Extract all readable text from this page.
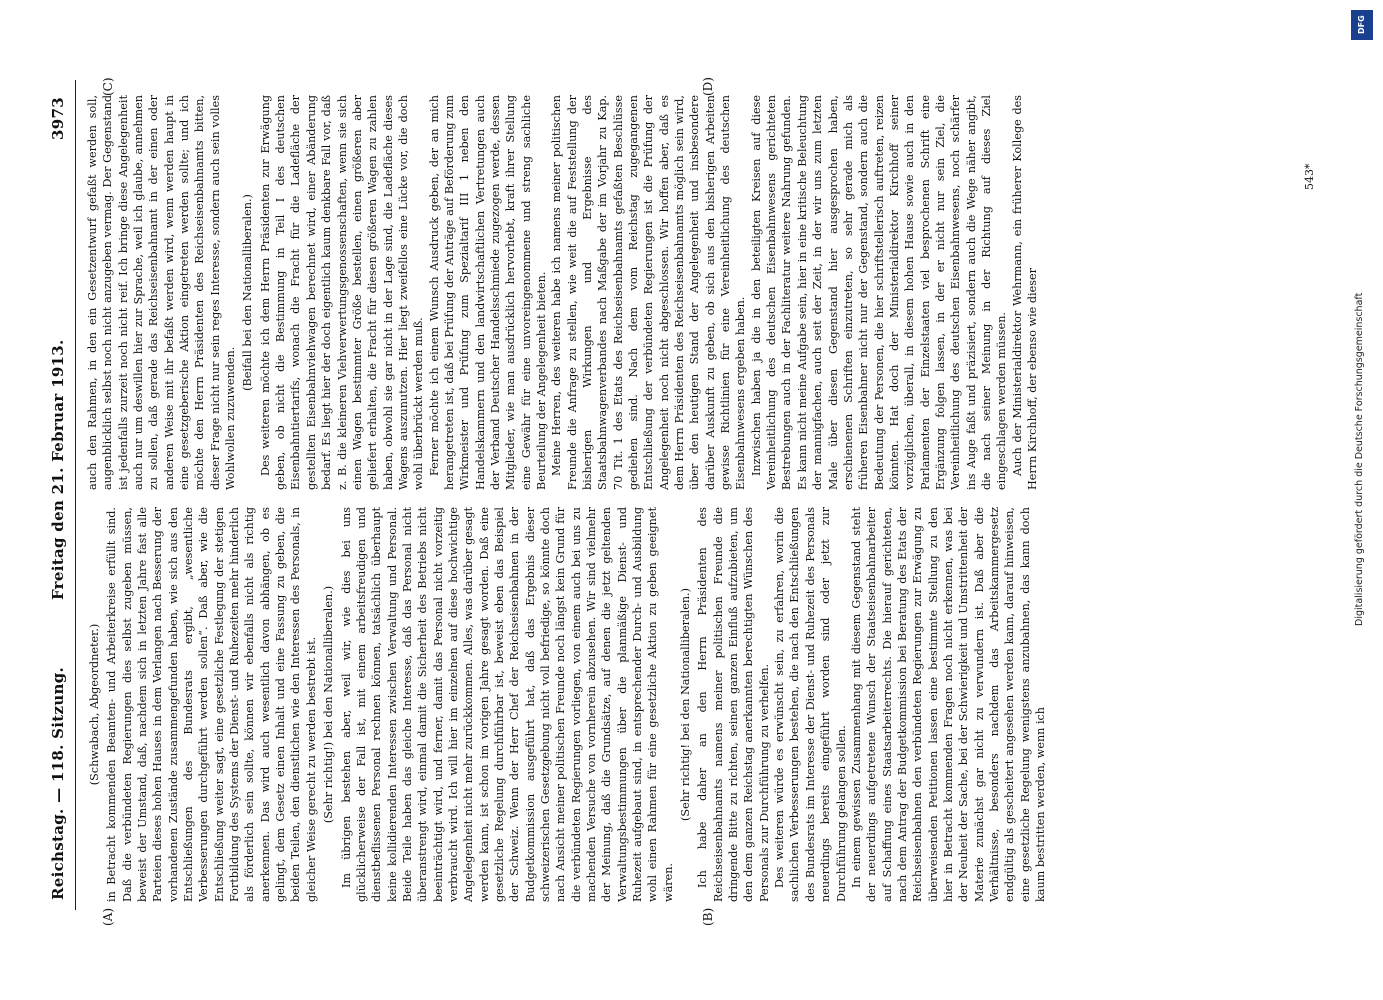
Reichstag. — 118. Sitzung.
Freitag den 21. Februar 1913.
3973
(A)	(B)
(C)	(D)

(Schwabach, Abgeordneter.) in Betracht kommenden Beamten- und Arbeiterkreise erfüllt sind. Daß die verbündeten Regierungen dies selbst zugeben müssen, beweist der Umstand, daß, nachdem sich in letzten Jahre fast alle Parteien dieses hohen Hauses in dem Verlangen nach Besserung der vorhandenen Zustände zusammengefunden haben, wie sich aus den Entschließungen des Bundesrats ergibt, „wesentliche Verbesserungen durchgeführt werden sollen“. Daß aber, wie die Entschließung weiter sagt, eine gesetzliche Festlegung der stetigen Fortbildung des Systems der Dienst- und Ruhezeiten mehr hinderlich als förderlich sein sollte, können wir ebenfalls nicht als richtig anerkennen. Das wird auch wesentlich davon abhängen, ob es gelingt, dem Gesetz einen Inhalt und eine Fassung zu geben, die beiden Teilen, den dienstlichen wie den Interessen des Personals, in gleicher Weise gerecht zu werden bestrebt ist. (Sehr richtig!) bei den Nationalliberalen.) Im übrigen bestehen aber, weil wir, wie dies bei uns glücklicherweise der Fall ist, mit einem arbeitsfreudigen und dienstbeflissenen Personal rechnen können, tatsächlich überhaupt keine kollidierenden Interessen zwischen Verwaltung und Personal. Beide Teile haben das gleiche Interesse, daß das Personal nicht überanstrengt wird, einmal damit die Sicherheit des Betriebs nicht beeinträchtigt wird, und ferner, damit das Personal nicht vorzeitig verbraucht wird. Ich will hier im einzelnen auf diese hochwichtige Angelegenheit nicht mehr zurückkommen. Alles, was darüber gesagt werden kann, ist schon im vorigen Jahre gesagt worden. Daß eine gesetzliche Regelung durchführbar ist, beweist eben das Beispiel der Schweiz. Wenn der Herr Chef der Reichseisenbahnen in der Budgetkommission ausgeführt hat, daß das Ergebnis dieser schweizerischen Gesetzgebung nicht voll befriedige, so könnte doch nach Ansicht meiner politischen Freunde noch längst kein Grund für die verbündeten Regierungen vorliegen, von einem auch bei uns zu machenden Versuche von vornherein abzusehen. Wir sind vielmehr der Meinung, daß die Grundsätze, auf denen die jetzt geltenden Verwaltungsbestimmungen über die planmäßige Dienst- und Ruhezeit aufgebaut sind, in entsprechender Durch- und Ausbildung wohl einen Rahmen für eine gesetzliche Aktion zu geben geeignet wären.

(Sehr richtig! bei den Nationalliberalen.) Ich habe daher an den Herrn Präsidenten des Reichseisenbahnamts namens meiner politischen Freunde die dringende Bitte zu richten, seinen ganzen Einfluß aufzubieten, um den dem ganzen Reichstag anerkannten berechtigten Wünschen des Personals zur Durchführung zu verhelfen. Des weiteren würde es erwünscht sein, zu erfahren, worin die sachlichen Verbesserungen bestehen, die nach den Entschließungen des Bundesrats im Interesse der Dienst- und Ruhezeit des Personals neuerdings bereits eingeführt worden sind oder jetzt zur Durchführung gelangen sollen. In einem gewissen Zusammenhang mit diesem Gegenstand steht der neuerdings aufgetretene Wunsch der Staatseisenbahnarbeiter auf Schaffung eines Staatsarbeiterrechts. Die hierauf gerichteten, nach dem Antrag der Budgetkommission bei Beratung des Etats der Reichseisenbahnen den verbündeten Regierungen zur Erwägung zu überweisenden Petitionen lassen eine bestimmte Stellung zu den hier in Betracht kommenden Fragen noch nicht erkennen, was bei der Neuheit der Sache, bei der Schwierigkeit und Umstrittenheit der Materie zunächst gar nicht zu verwundern ist. Daß aber die Verhältnisse, besonders nachdem das Arbeitskammergesetz endgültig als gescheitert angesehen werden kann, darauf hinweisen, eine gesetzliche Regelung wenigstens anzubahnen, das kann doch kaum bestritten werden, wenn ich

auch den Rahmen, in den ein Gesetzentwurf gefaßt werden soll, augenblicklich selbst noch nicht anzugeben vermag. Der Gegenstand ist jedenfalls zurzeit noch nicht reif. Ich bringe diese Angelegenheit auch nur um deswillen hier zur Sprache, weil ich glaube, annehmen zu sollen, daß gerade das Reichseisenbahnamt in der einen oder anderen Weise mit ihr befaßt werden wird, wenn werden haupt in eine gesetzgeberische Aktion eingetreten werden sollte; und ich möchte den Herrn Präsidenten des Reichseisenbahnamts bitten, dieser Frage nicht nur sein reges Interesse, sondern auch sein volles Wohlwollen zuzuwenden.

(Beifall bei den Nationalliberalen.) Des weiteren möchte ich dem Herrn Präsidenten zur Erwägung geben, ob nicht die Bestimmung in Teil I des deutschen Eisenbahntiertarifs, wonach die Fracht für die Ladefläche der gestellten Eisenbahnviehwagen berechnet wird, einer Abänderung bedarf. Es liegt hier der doch eigentlich kaum denkbare Fall vor, daß z. B. die kleineren Viehverwertungsgenossenschaften, wenn sie sich einen Wagen bestimmter Größe bestellen, einen größeren aber geliefert erhalten, die Fracht für diesen größeren Wagen zu zahlen haben, obwohl sie gar nicht in der Lage sind, die Ladefläche dieses Wagens auszunutzen. Hier liegt zweifellos eine Lücke vor, die doch wohl überbrückt werden muß. Ferner möchte ich einem Wunsch Ausdruck geben, der an mich herangetreten ist, daß bei Prüfung der Anträge auf Beförderung zum Wirkmeister und Prüfung zum Spezialtarif III 1 neben den Handelskammern und den landwirtschaftlichen Vertretungen auch der Verband Deutscher Handelsschmiede zugezogen werde, dessen Mitglieder, wie man ausdrücklich hervorhebt, kraft ihrer Stellung eine Gewähr für eine unvoreingenommene und streng sachliche Beurteilung der Angelegenheit bieten. Meine Herren, des weiteren habe ich namens meiner politischen Freunde die Anfrage zu stellen, wie weit die auf Feststellung der bisherigen Wirkungen und Ergebnisse des Staatsbahnwagenverbandes nach Maßgabe der im Vorjahr zu Kap. 70 Tit. 1 des Etats des Reichseisenbahnamts gefaßten Beschlüsse gediehen sind. Nach dem vom Reichstag zugegangenen Entschließung der verbündeten Regierungen ist die Prüfung der Angelegenheit noch nicht abgeschlossen. Wir hoffen aber, daß es dem Herrn Präsidenten des Reichseisenbahnamts möglich sein wird, über den heutigen Stand der Angelegenheit und insbesondere darüber Auskunft zu geben, ob sich aus den bisherigen Arbeiten gewisse Richtlinien für eine Vereinheitlichung des deutschen Eisenbahnwesens ergeben haben. Inzwischen haben ja die in den beteiligten Kreisen auf diese Vereinheitlichung des deutschen Eisenbahnwesens gerichteten Bestrebungen auch in der Fachliteratur weitere Nahrung gefunden. Es kann nicht meine Aufgabe sein, hier in eine kritische Beleuchtung der mannigfachen, auch seit der Zeit, in der wir uns zum letzten Male über diesen Gegenstand hier ausgesprochen haben, erschienenen Schriften einzutreten, so sehr gerade mich als früheren Eisenbahner nicht nur der Gegenstand, sondern auch die Bedeutung der Personen, die hier schriftstellerisch auftreten, reizen könnten. Hat doch der Ministerialdirektor Kirchhoff seiner vorzüglichen, überall, in diesem hohen Hause sowie auch in den Parlamenten der Einzelstaaten viel besprochenen Schrift eine Ergänzung folgen lassen, in der er nicht nur sein Ziel, die Vereinheitlichung des deutschen Eisenbahnwesens, noch schärfer ins Auge faßt und präzisiert, sondern auch die Wege näher angibt, die nach seiner Meinung in der Richtung auf dieses Ziel eingeschlagen werden müssen. Auch der Ministerialdirektor Wehrmann, ein früherer Kollege des Herrn Kirchhoff, der ebenso wie dieser

543*
DFG
Digitalisierung gefördert durch die Deutsche Forschungsgemeinschaft
